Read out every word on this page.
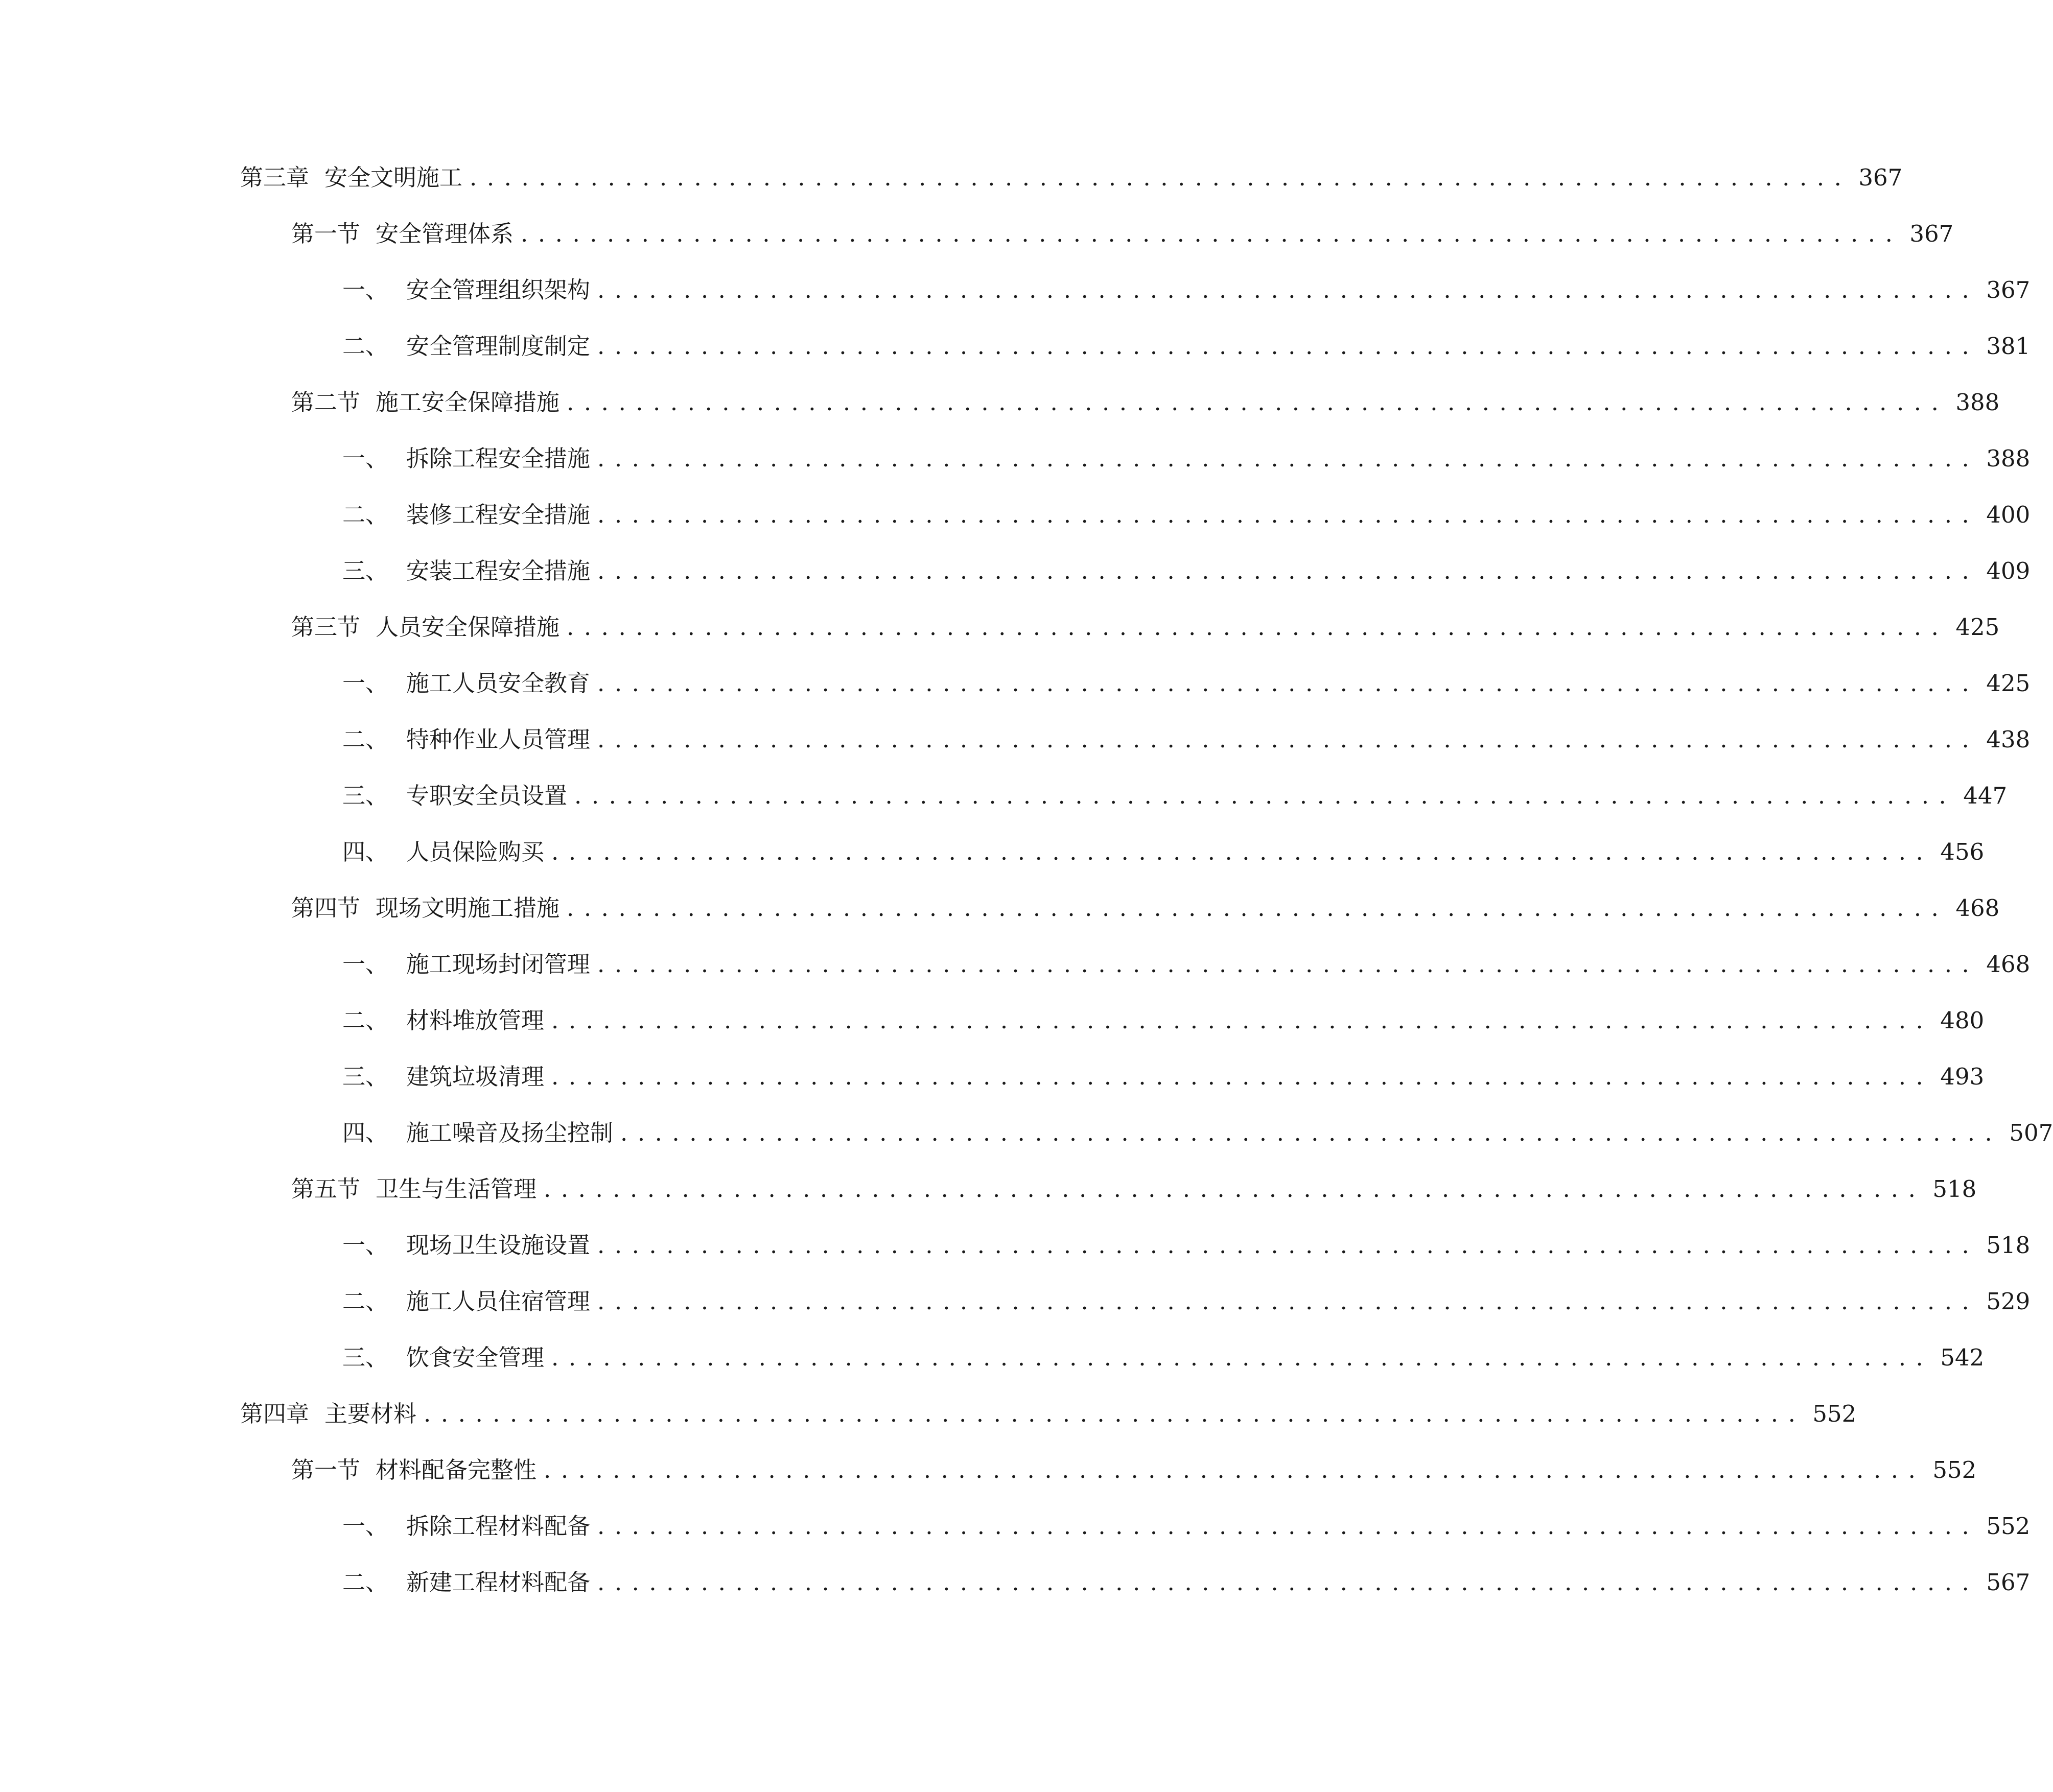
第三章 安全文明施工 ................................................................................ 367
第一节 安全管理体系 ................................................................................ 367
一、 安全管理组织架构 ................................................................................ 367
二、 安全管理制度制定 ................................................................................ 381
第二节 施工安全保障措施 ................................................................................ 388
一、 拆除工程安全措施 ................................................................................ 388
二、 装修工程安全措施 ................................................................................ 400
三、 安装工程安全措施 ................................................................................ 409
第三节 人员安全保障措施 ................................................................................ 425
一、 施工人员安全教育 ................................................................................ 425
二、 特种作业人员管理 ................................................................................ 438
三、 专职安全员设置 ................................................................................ 447
四、 人员保险购买 ................................................................................ 456
第四节 现场文明施工措施 ................................................................................ 468
一、 施工现场封闭管理 ................................................................................ 468
二、 材料堆放管理 ................................................................................ 480
三、 建筑垃圾清理 ................................................................................ 493
四、 施工噪音及扬尘控制 ................................................................................ 507
第五节 卫生与生活管理 ................................................................................ 518
一、 现场卫生设施设置 ................................................................................ 518
二、 施工人员住宿管理 ................................................................................ 529
三、 饮食安全管理 ................................................................................ 542
第四章 主要材料 ................................................................................ 552
第一节 材料配备完整性 ................................................................................ 552
一、 拆除工程材料配备 ................................................................................ 552
二、 新建工程材料配备 ................................................................................ 567
